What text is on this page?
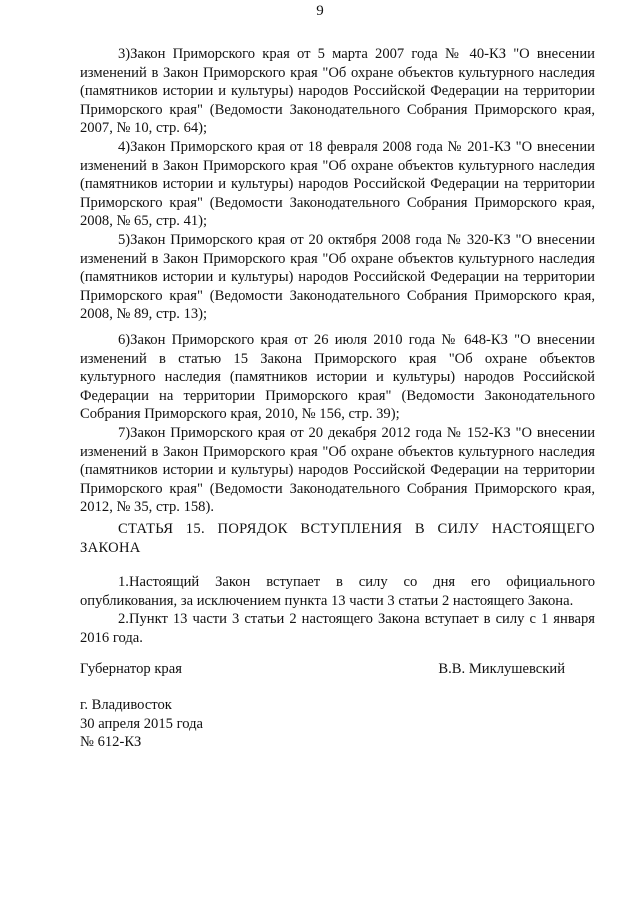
9

3)Закон Приморского края от 5 марта 2007 года № 40-КЗ "О внесении изменений в Закон Приморского края "Об охране объектов культурного наследия (памятников истории и культуры) народов Российской Федерации на территории Приморского края" (Ведомости Законодательного Собрания Приморского края, 2007, № 10, стр. 64);

4)Закон Приморского края от 18 февраля 2008 года № 201-КЗ "О внесении изменений в Закон Приморского края "Об охране объектов культурного наследия (памятников истории и культуры) народов Российской Федерации на территории Приморского края" (Ведомости Законодательного Собрания Приморского края, 2008, № 65, стр. 41);

5)Закон Приморского края от 20 октября 2008 года № 320-КЗ "О внесении изменений в Закон Приморского края "Об охране объектов культурного наследия (памятников истории и культуры) народов Российской Федерации на территории Приморского края" (Ведомости Законодательного Собрания Приморского края, 2008, № 89, стр. 13);

6)Закон Приморского края от 26 июля 2010 года № 648-КЗ "О внесении изменений в статью 15 Закона Приморского края "Об охране объектов культурного наследия (памятников истории и культуры) народов Российской Федерации на территории Приморского края" (Ведомости Законодательного Собрания Приморского края, 2010, № 156, стр. 39);

7)Закон Приморского края от 20 декабря 2012 года № 152-КЗ "О внесении изменений в Закон Приморского края "Об охране объектов культурного наследия (памятников истории и культуры) народов Российской Федерации на территории Приморского края" (Ведомости Законодательного Собрания Приморского края, 2012, № 35, стр. 158).

СТАТЬЯ 15. ПОРЯДОК ВСТУПЛЕНИЯ В СИЛУ НАСТОЯЩЕГО ЗАКОНА

1.Настоящий Закон вступает в силу со дня его официального опубликования, за исключением пункта 13 части 3 статьи 2 настоящего Закона.

2.Пункт 13 части 3 статьи 2 настоящего Закона вступает в силу с 1 января 2016 года.

Губернатор края	В.В. Миклушевский
г. Владивосток
30 апреля 2015 года
№ 612-КЗ
